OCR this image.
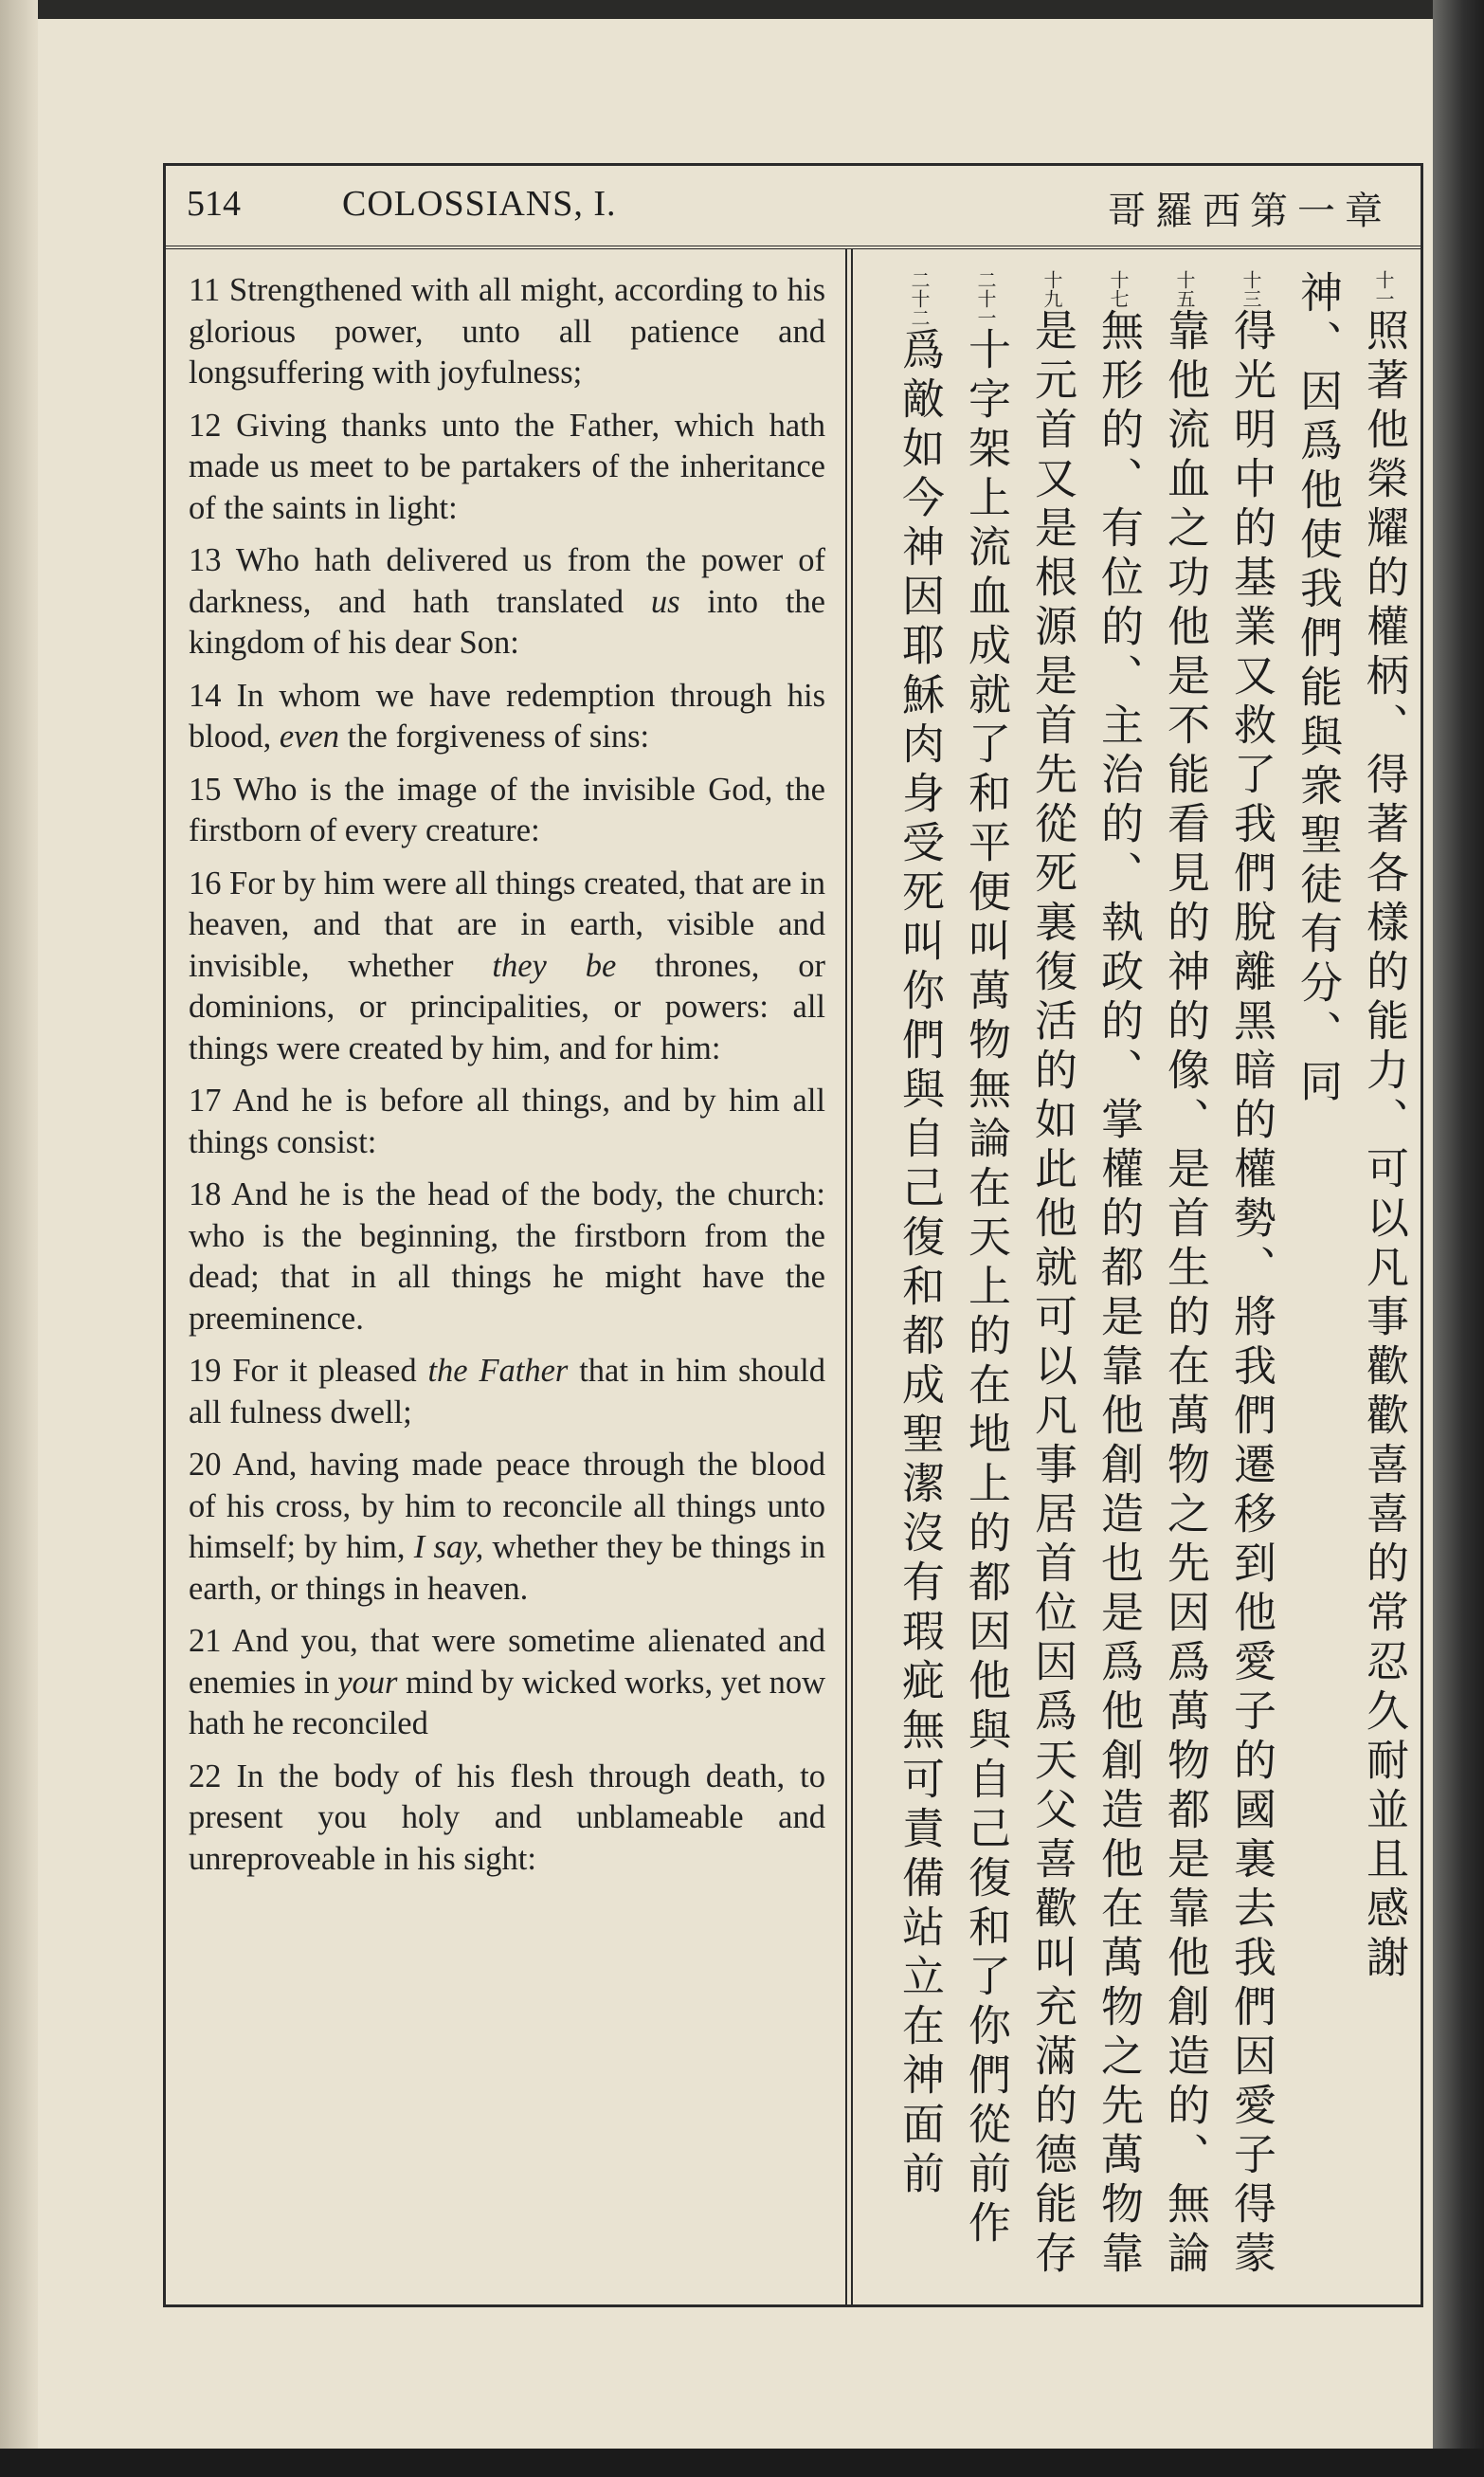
514	COLOSSIANS, I.	哥羅西第一章

11 Strengthened with all might, according to his glorious power, unto all patience and longsuffering with joyfulness;

12 Giving thanks unto the Father, which hath made us meet to be partakers of the inheritance of the saints in light:

13 Who hath delivered us from the power of darkness, and hath translated us into the kingdom of his dear Son:

14 In whom we have redemption through his blood, even the forgiveness of sins:

15 Who is the image of the invisible God, the firstborn of every creature:

16 For by him were all things created, that are in heaven, and that are in earth, visible and invisible, whether they be thrones, or dominions, or principalities, or powers: all things were created by him, and for him:

17 And he is before all things, and by him all things consist:

18 And he is the head of the body, the church: who is the beginning, the firstborn from the dead; that in all things he might have the preeminence.

19 For it pleased the Father that in him should all fulness dwell;

20 And, having made peace through the blood of his cross, by him to reconcile all things unto himself; by him, I say, whether they be things in earth, or things in heaven.

21 And you, that were sometime alienated and enemies in your mind by wicked works, yet now hath he reconciled

22 In the body of his flesh through death, to present you holy and unblameable and unreproveable in his sight:

十一照著他榮耀的權柄、得著各樣的能力、可以凡事歡歡喜喜的常忍久耐並且感謝
神、因爲他使我們能與衆聖徒有分、同
十三得光明中的基業又救了我們脫離黑暗的權勢、將我們遷移到他愛子的國裏去我們因愛子得蒙
十五靠他流血之功他是不能看見的神的像、是首生的在萬物之先因爲萬物都是靠他創造的、無論
十七無形的、有位的、主治的、執政的、掌權的都是靠他創造也是爲他創造他在萬物之先萬物靠
十九是元首又是根源是首先從死裏復活的如此他就可以凡事居首位因爲天父喜歡叫充滿的德能存
二十一十字架上流血成就了和平便叫萬物無論在天上的在地上的都因他與自己復和了你們從前作
二十二爲敵如今神因耶穌肉身受死叫你們與自己復和都成聖潔沒有瑕疵無可責備站立在神面前
